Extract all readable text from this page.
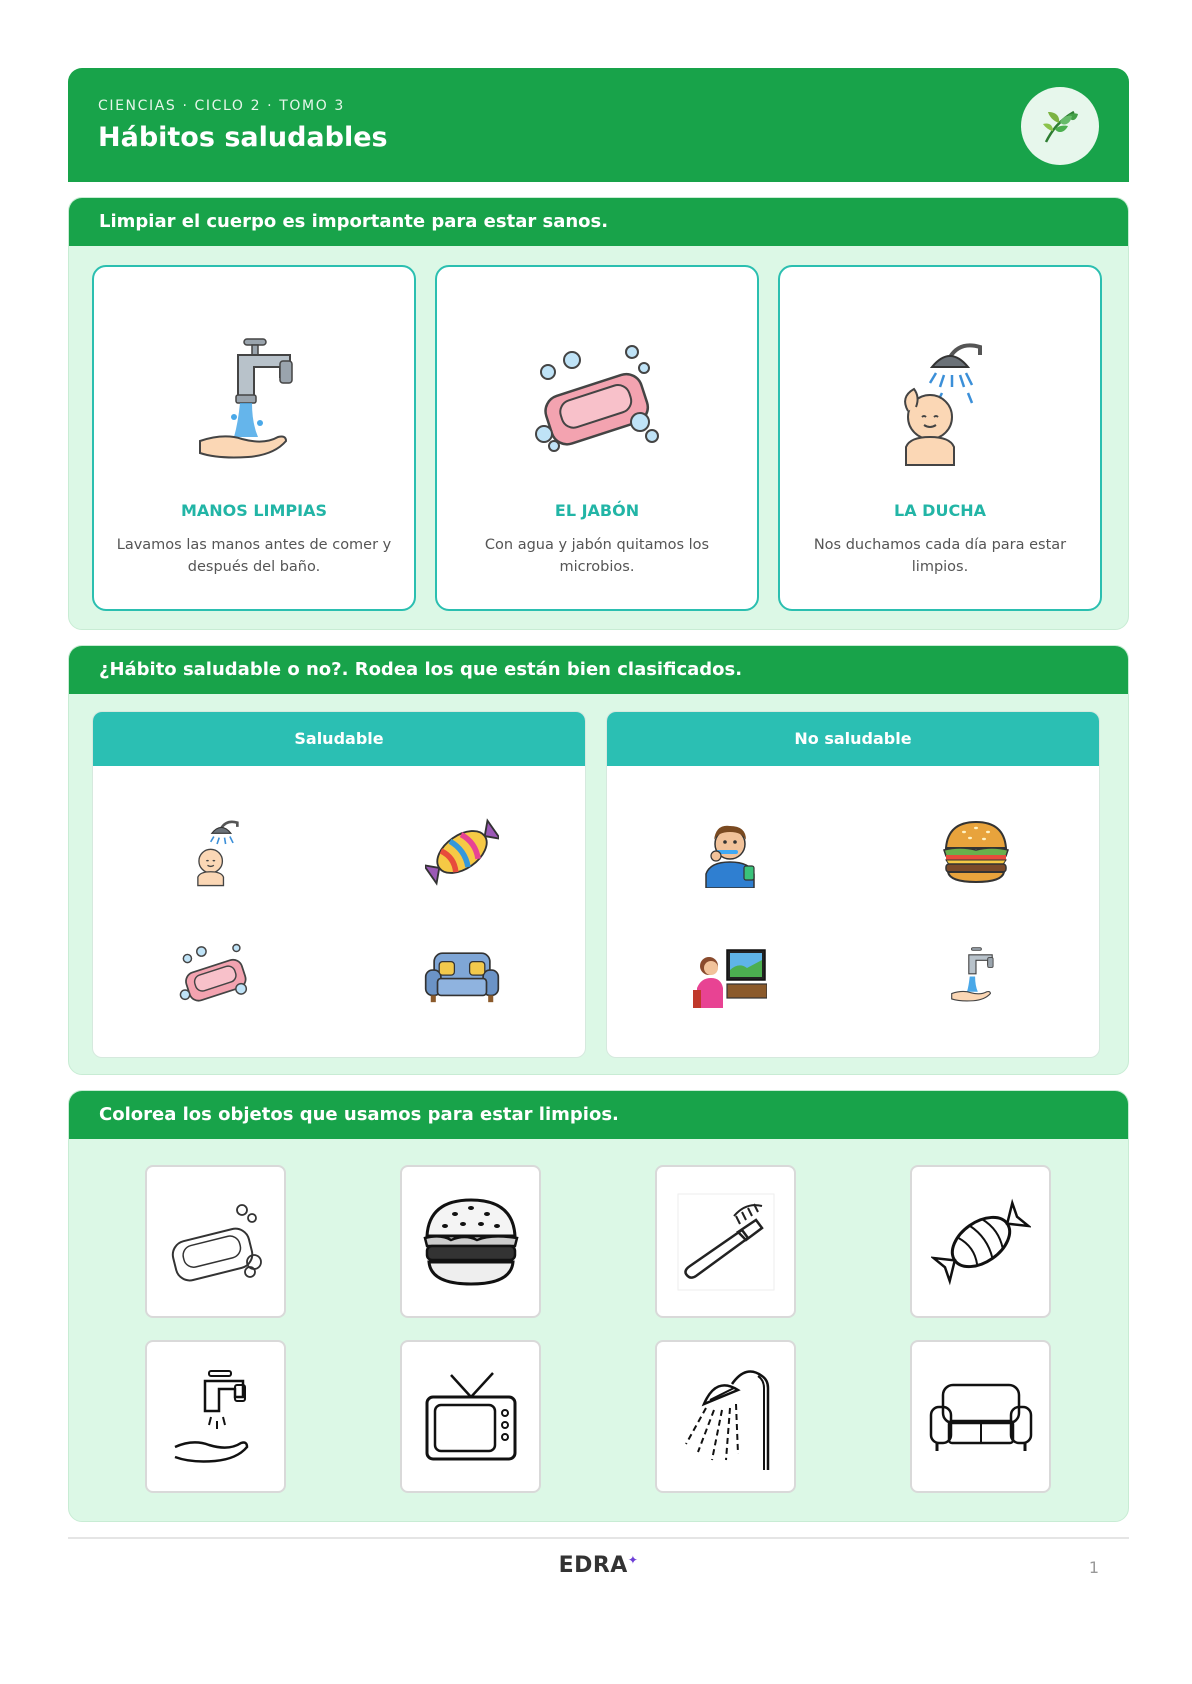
CIENCIAS · CICLO 2 · TOMO 3
Hábitos saludables
Limpiar el cuerpo es importante para estar sanos.
MANOS LIMPIAS
Lavamos las manos antes de comer y después del baño.
EL JABÓN
Con agua y jabón quitamos los microbios.
LA DUCHA
Nos duchamos cada día para estar limpios.
¿Hábito saludable o no?. Rodea los que están bien clasificados.
Saludable	No saludable
Colorea los objetos que usamos para estar limpios.
EDRA✦	1
